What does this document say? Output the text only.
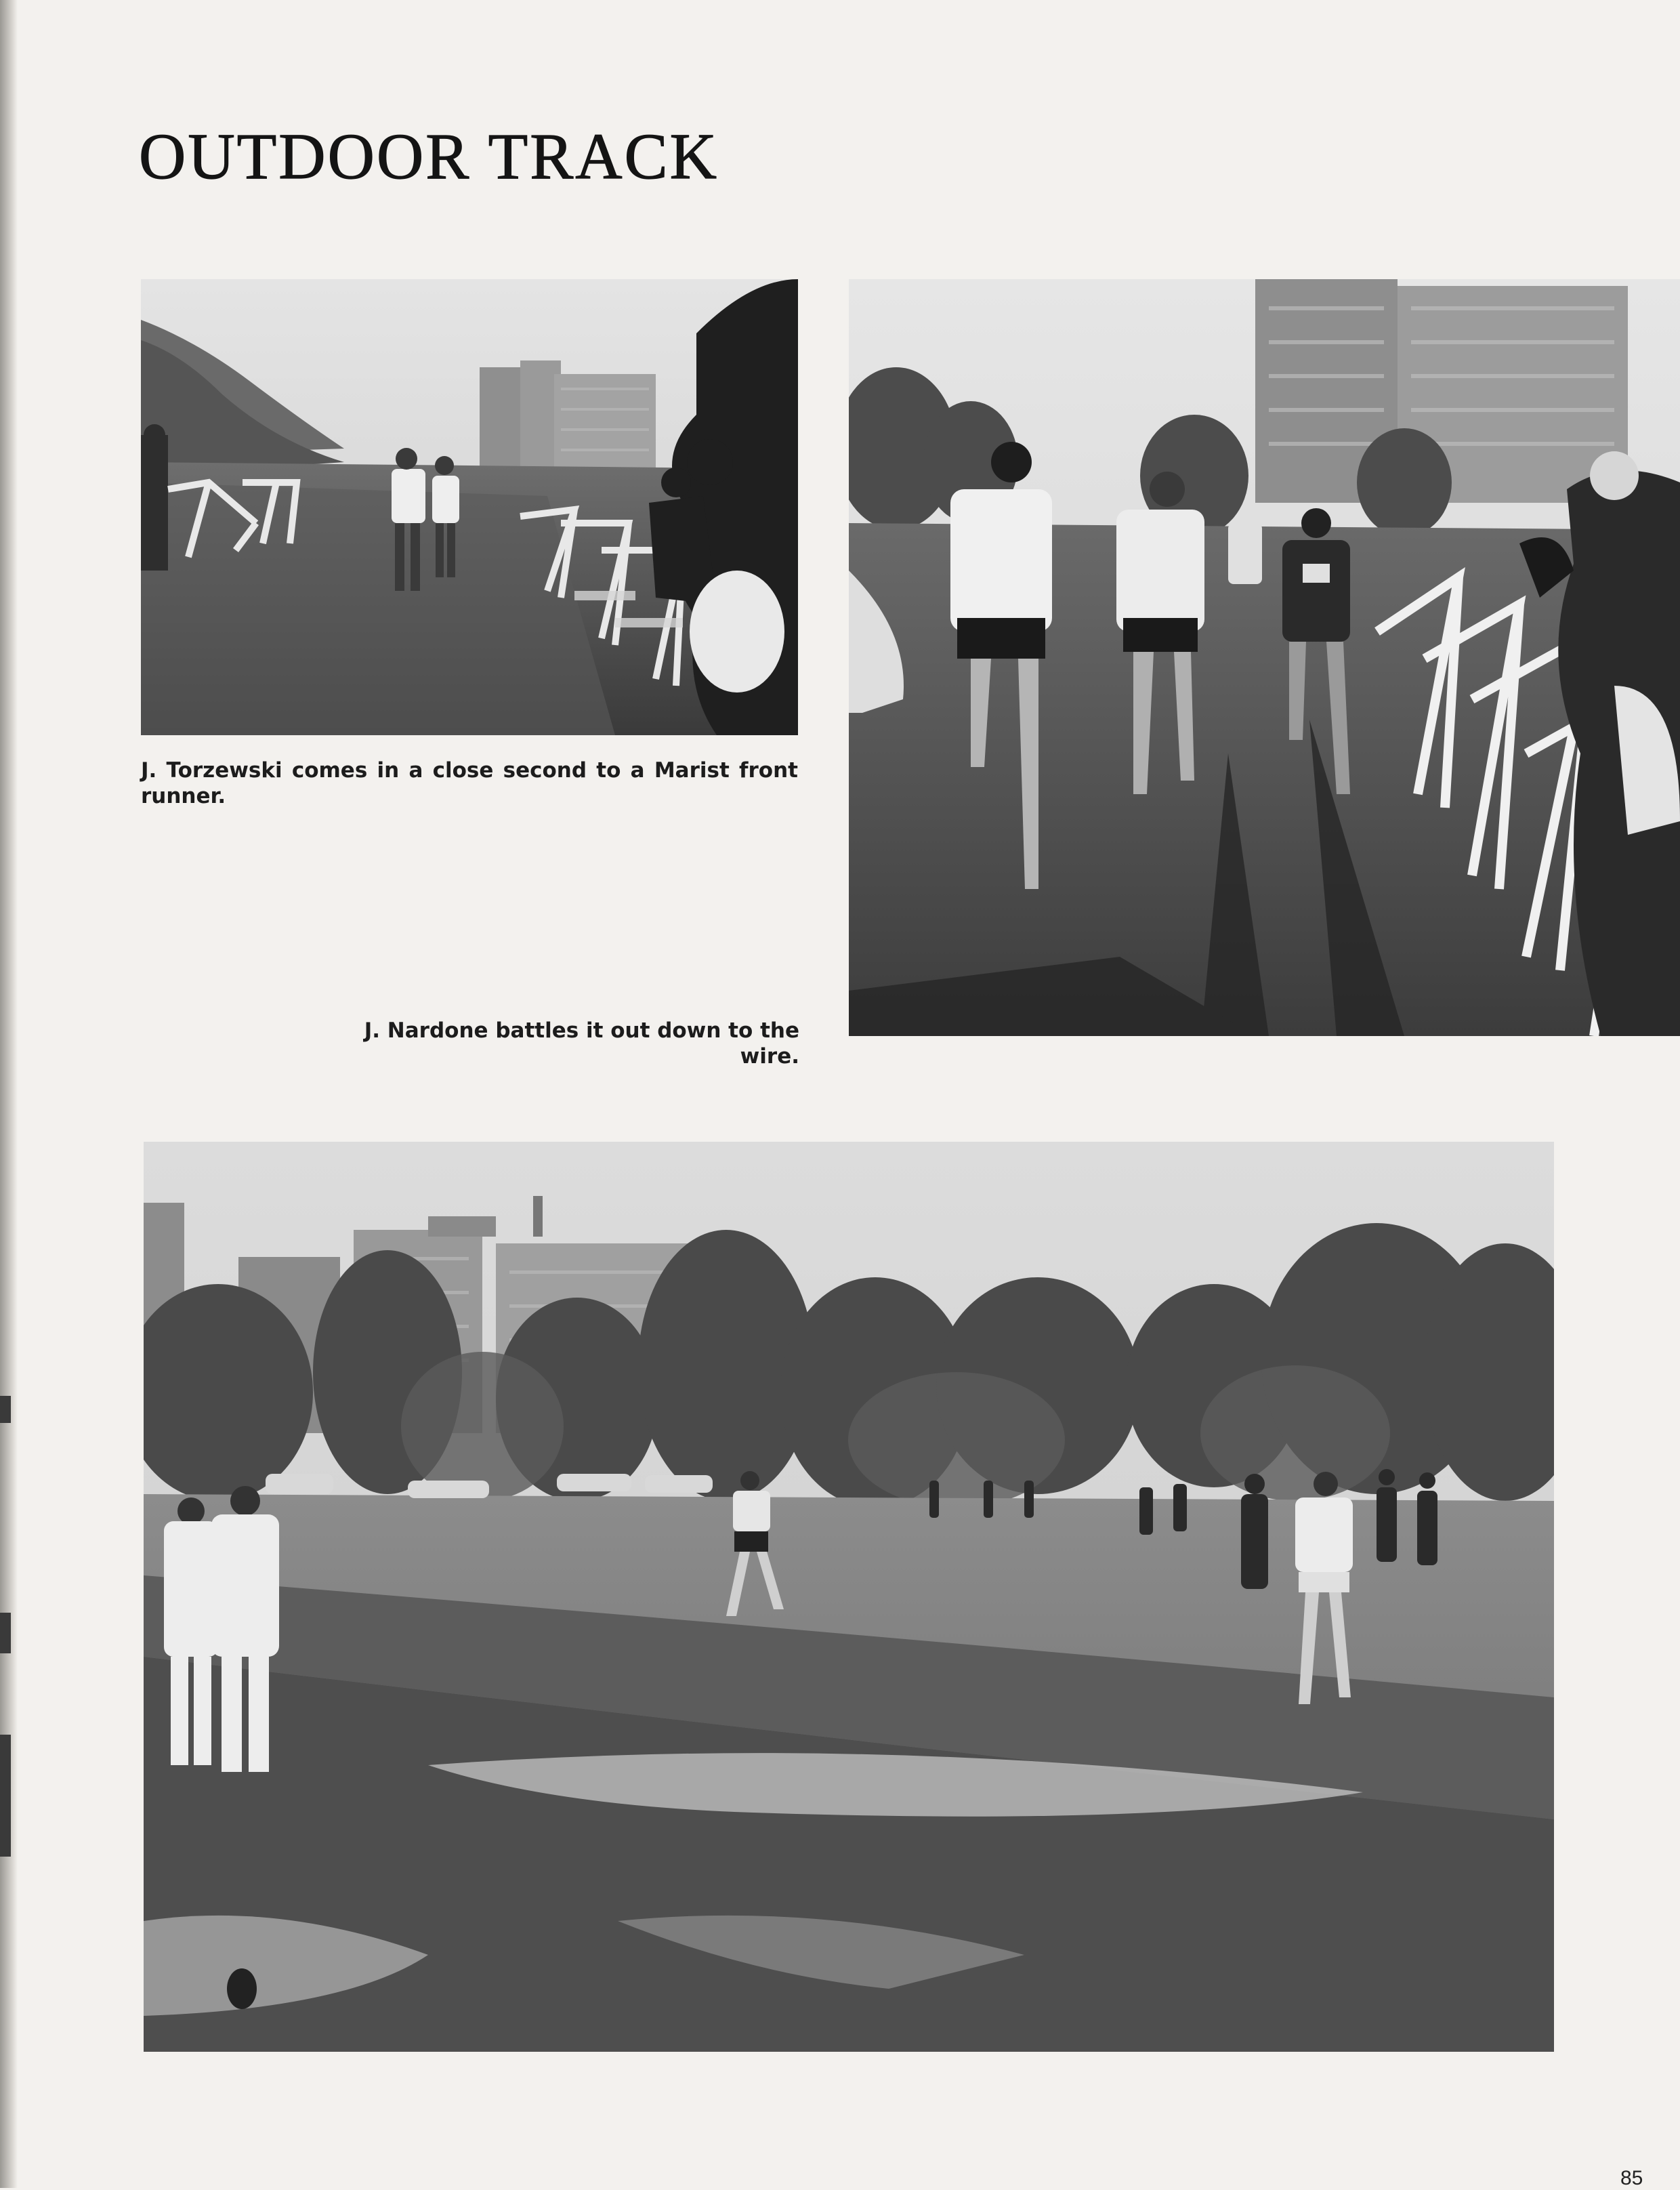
OUTDOOR TRACK

J. Torzewski comes in a close second to a Marist front runner.

J. Nardone battles it out down to the wire.

85
